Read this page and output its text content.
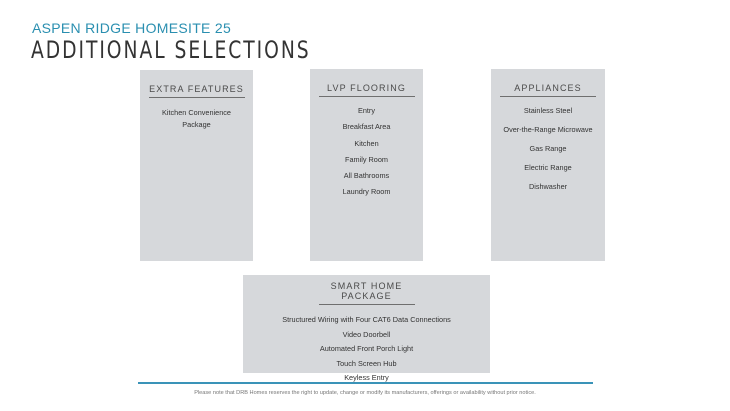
ASPEN RIDGE HOMESITE 25
ADDITIONAL SELECTIONS
EXTRA FEATURES
Kitchen Convenience
Package
LVP FLOORING
Entry
Breakfast Area
Kitchen
Family Room
All Bathrooms
Laundry Room
APPLIANCES
Stainless Steel
Over-the-Range Microwave
Gas Range
Electric Range
Dishwasher
SMART HOME PACKAGE
Structured Wiring with Four CAT6 Data Connections
Video Doorbell
Automated Front Porch Light
Touch Screen Hub
Keyless Entry
Please note that DRB Homes reserves the right to update, change or modify its manufacturers, offerings or availability without prior notice.
